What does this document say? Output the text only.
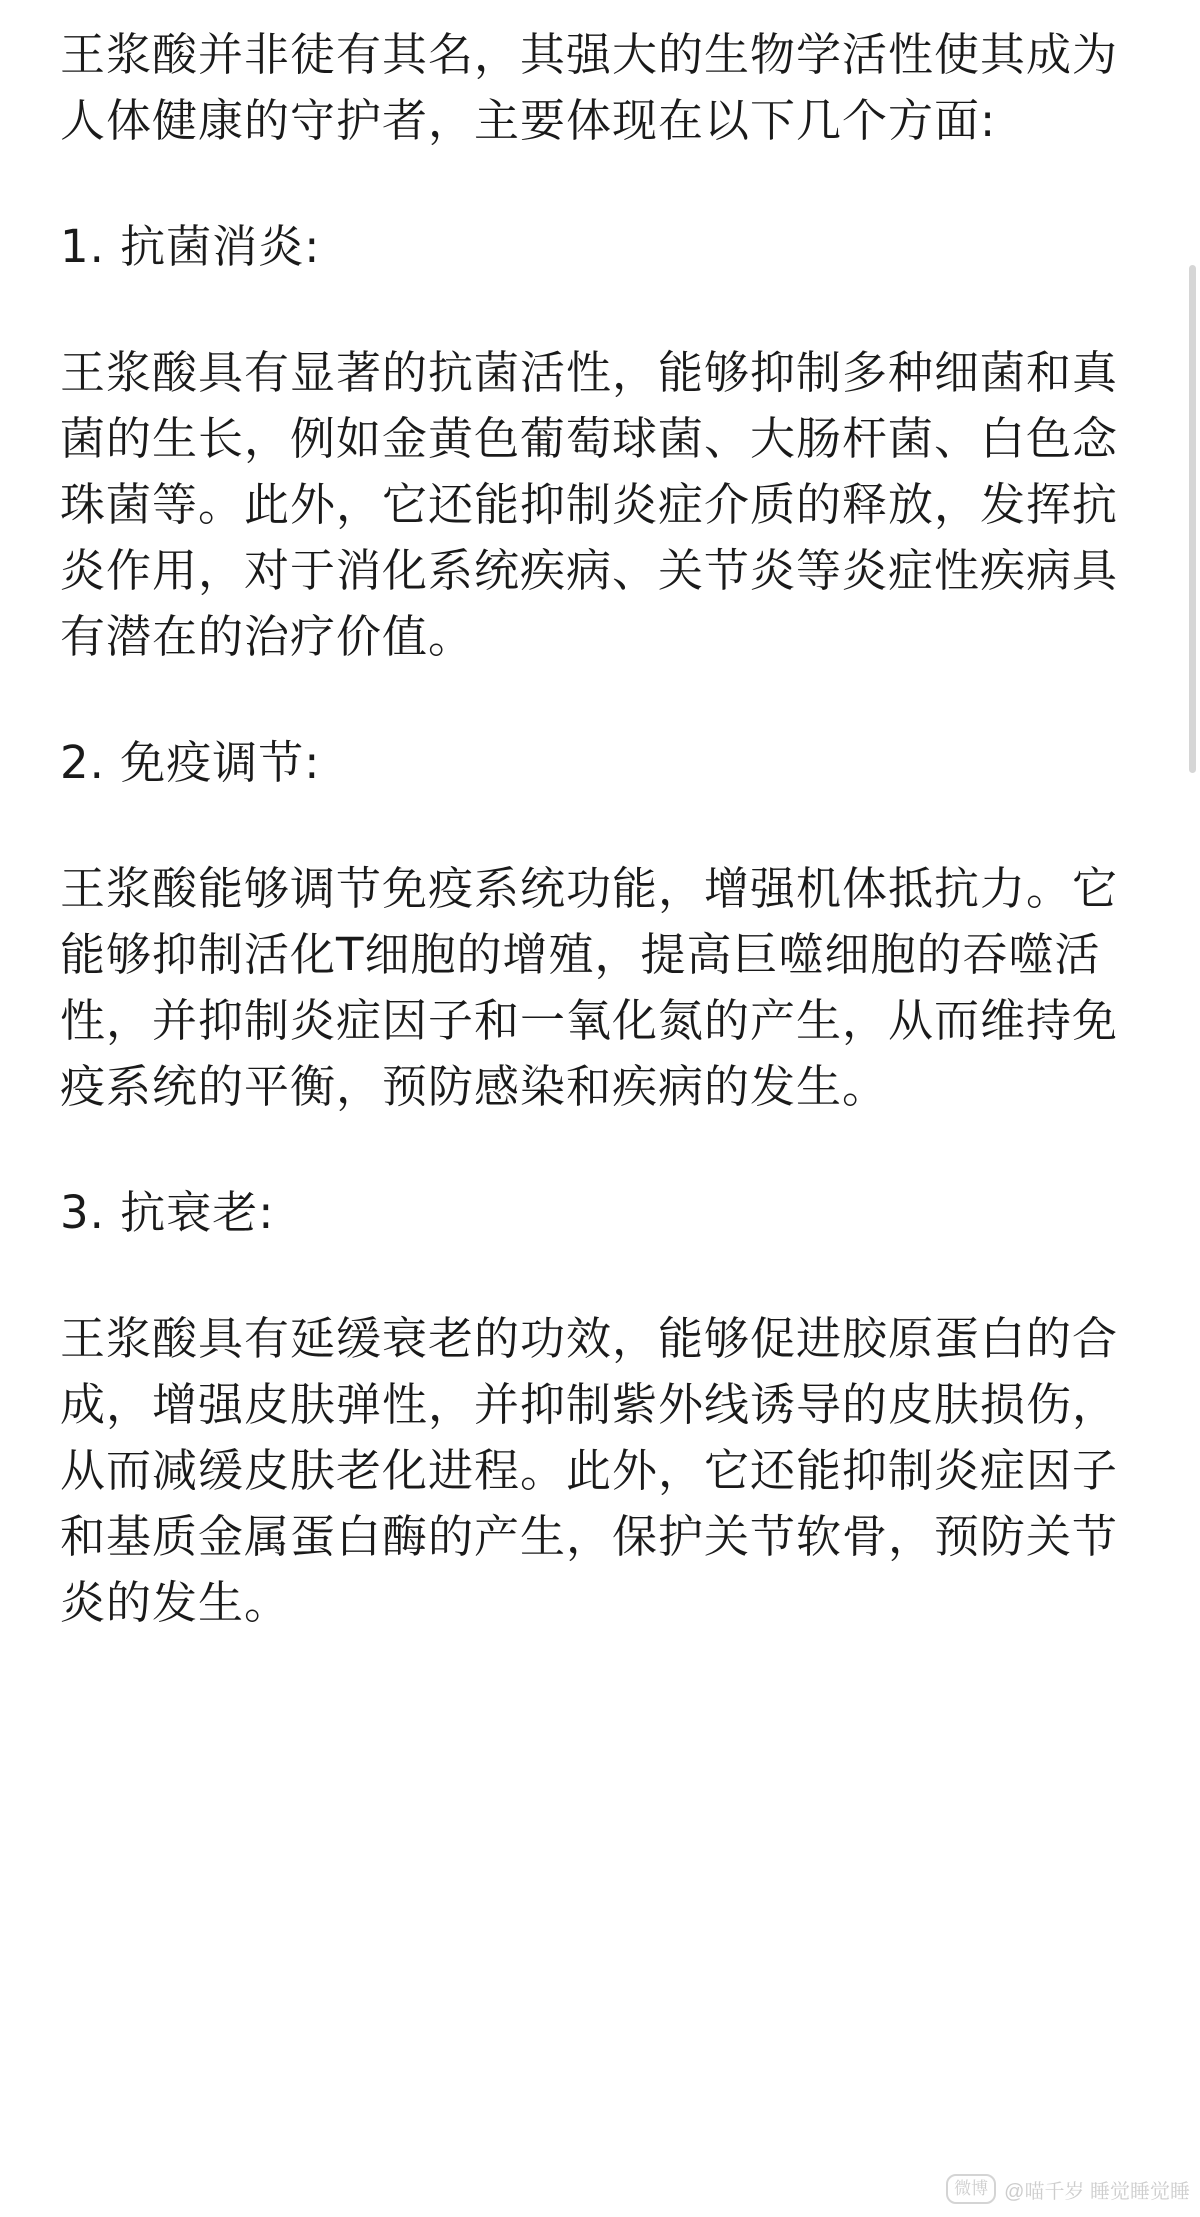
王浆酸并非徒有其名，其强大的生物学活性使其成为人体健康的守护者，主要体现在以下几个方面:

1. 抗菌消炎:

王浆酸具有显著的抗菌活性，能够抑制多种细菌和真菌的生长，例如金黄色葡萄球菌、大肠杆菌、白色念珠菌等。此外，它还能抑制炎症介质的释放，发挥抗炎作用，对于消化系统疾病、关节炎等炎症性疾病具有潜在的治疗价值。

2. 免疫调节:

王浆酸能够调节免疫系统功能，增强机体抵抗力。它能够抑制活化T细胞的增殖，提高巨噬细胞的吞噬活性，并抑制炎症因子和一氧化氮的产生，从而维持免疫系统的平衡，预防感染和疾病的发生。

3. 抗衰老:

王浆酸具有延缓衰老的功效，能够促进胶原蛋白的合成，增强皮肤弹性，并抑制紫外线诱导的皮肤损伤，从而减缓皮肤老化进程。此外，它还能抑制炎症因子和基质金属蛋白酶的产生，保护关节软骨，预防关节炎的发生。

微博 @喵千岁 睡觉睡觉睡
